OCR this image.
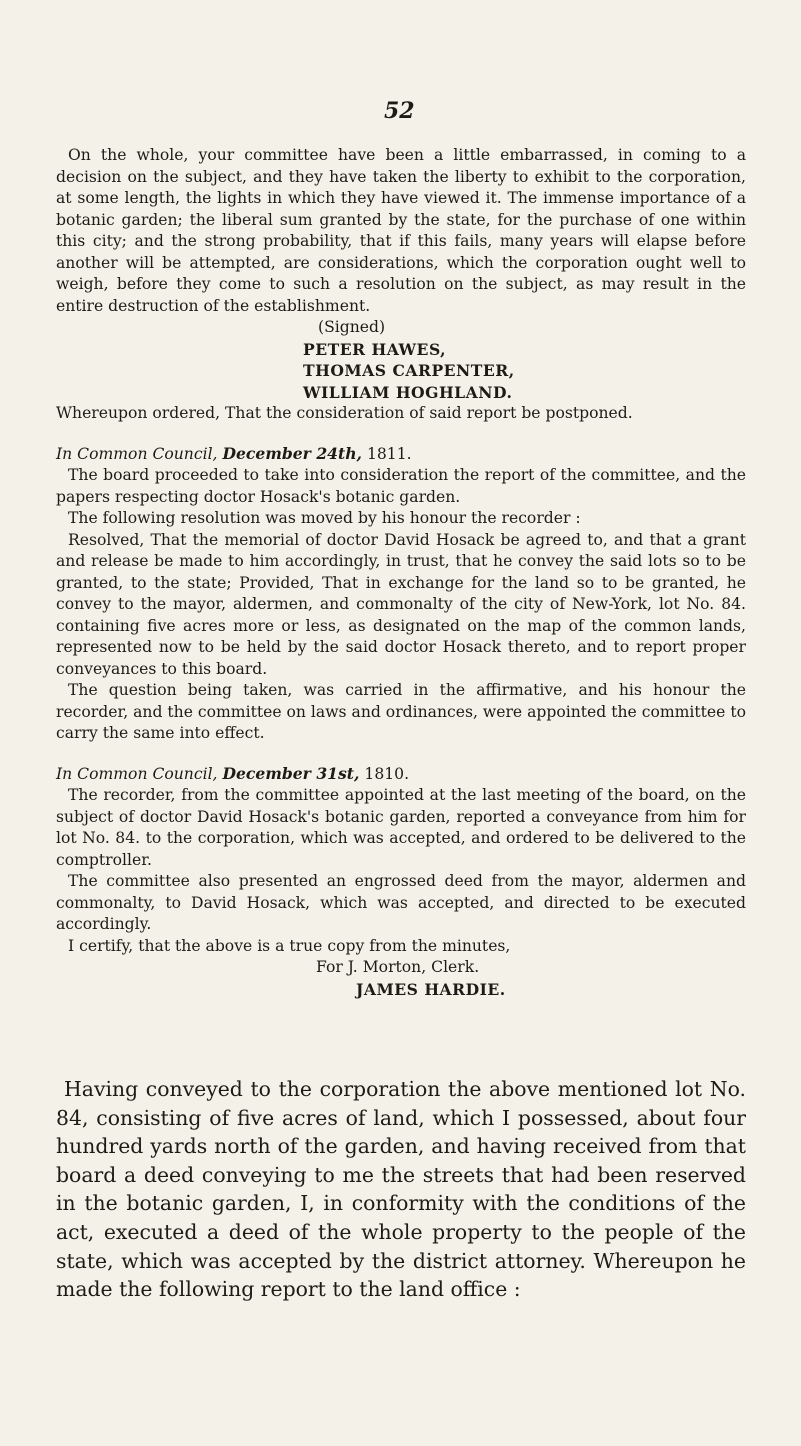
52

On the whole, your committee have been a little embarrassed, in coming to a decision on the subject, and they have taken the liberty to exhibit to the corporation, at some length, the lights in which they have viewed it. The immense importance of a botanic garden; the liberal sum granted by the state, for the purchase of one within this city; and the strong probability, that if this fails, many years will elapse before another will be attempted, are considerations, which the corporation ought well to weigh, before they come to such a resolution on the subject, as may result in the entire destruction of the establishment.

(Signed)

PETER HAWES,

THOMAS CARPENTER,

WILLIAM HOGHLAND.

Whereupon ordered, That the consideration of said report be postponed.

In Common Council, December 24th, 1811.

The board proceeded to take into consideration the report of the committee, and the papers respecting doctor Hosack's botanic garden.

The following resolution was moved by his honour the recorder :

Resolved, That the memorial of doctor David Hosack be agreed to, and that a grant and release be made to him accordingly, in trust, that he convey the said lots so to be granted, to the state; Provided, That in exchange for the land so to be granted, he convey to the mayor, aldermen, and commonalty of the city of New-York, lot No. 84. containing five acres more or less, as designated on the map of the common lands, represented now to be held by the said doctor Hosack thereto, and to report proper conveyances to this board.

The question being taken, was carried in the affirmative, and his honour the recorder, and the committee on laws and ordinances, were appointed the committee to carry the same into effect.

In Common Council, December 31st, 1810.

The recorder, from the committee appointed at the last meeting of the board, on the subject of doctor David Hosack's botanic garden, reported a conveyance from him for lot No. 84. to the corporation, which was accepted, and ordered to be delivered to the comptroller.

The committee also presented an engrossed deed from the mayor, aldermen and commonalty, to David Hosack, which was accepted, and directed to be executed accordingly.

I certify, that the above is a true copy from the minutes,

For J. Morton, Clerk.

JAMES HARDIE.

Having conveyed to the corporation the above mentioned lot No. 84, consisting of five acres of land, which I possessed, about four hundred yards north of the garden, and having received from that board a deed conveying to me the streets that had been reserved in the botanic garden, I, in conformity with the conditions of the act, executed a deed of the whole property to the people of the state, which was accepted by the district attorney. Whereupon he made the following report to the land office :
